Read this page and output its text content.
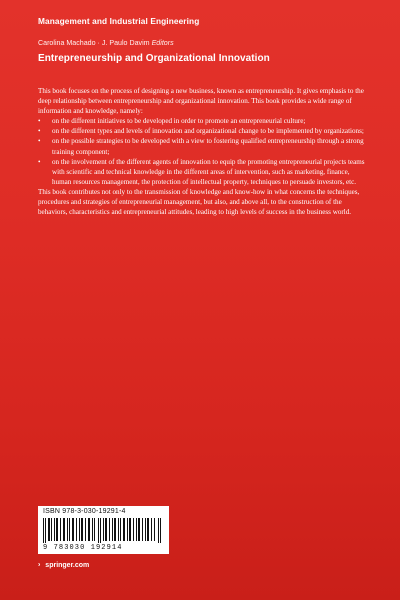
Management and Industrial Engineering
Carolina Machado · J. Paulo Davim Editors
Entrepreneurship and Organizational Innovation

This book focuses on the process of designing a new business, known as entrepreneurship. It gives emphasis to the deep relationship between entrepreneurship and organizational innovation. This book provides a wide range of information and knowledge, namely:

• on the different initiatives to be developed in order to promote an entrepreneurial culture;
• on the different types and levels of innovation and organizational change to be implemented by organizations;
• on the possible strategies to be developed with a view to fostering qualified entrepreneurship through a strong training component;
• on the involvement of the different agents of innovation to equip the promoting entrepreneurial projects teams with scientific and technical knowledge in the different areas of intervention, such as marketing, finance, human resources management, the protection of intellectual property, techniques to persuade investors, etc.

This book contributes not only to the transmission of knowledge and know-how in what concerns the techniques, procedures and strategies of entrepreneurial management, but also, and above all, to the construction of the behaviors, characteristics and entrepreneurial attitudes, leading to high levels of success in the business world.

ISBN 978-3-030-19291-4
9 783030 192914
› springer.com
